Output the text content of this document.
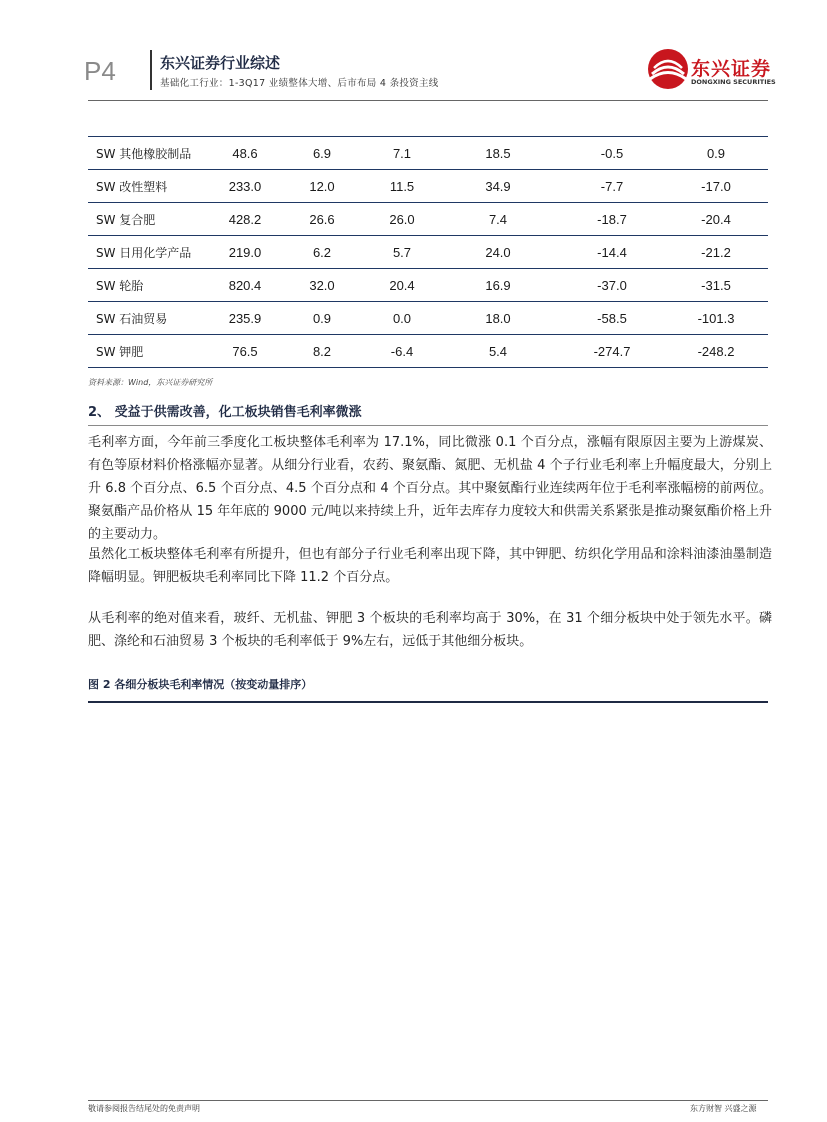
P4	东兴证券行业综述
基础化工行业：1-3Q17 业绩整体大增、后市布局 4 条投资主线
东兴证券
DONGXING SECURITIES
SW 其他橡胶制品	48.6	6.9	7.1	18.5	-0.5	0.9
SW 改性塑料	233.0	12.0	11.5	34.9	-7.7	-17.0
SW 复合肥	428.2	26.6	26.0	7.4	-18.7	-20.4
SW 日用化学产品	219.0	6.2	5.7	24.0	-14.4	-21.2
SW 轮胎	820.4	32.0	20.4	16.9	-37.0	-31.5
SW 石油贸易	235.9	0.9	0.0	18.0	-58.5	-101.3
SW 钾肥	76.5	8.2	-6.4	5.4	-274.7	-248.2
资料来源：Wind，东兴证券研究所
2、 受益于供需改善，化工板块销售毛利率微涨

毛利率方面，今年前三季度化工板块整体毛利率为 17.1%，同比微涨 0.1 个百分点，涨幅有限原因主要为上游煤炭、有色等原材料价格涨幅亦显著。从细分行业看，农药、聚氨酯、氮肥、无机盐 4 个子行业毛利率上升幅度最大，分别上升 6.8 个百分点、6.5 个百分点、4.5 个百分点和 4 个百分点。其中聚氨酯行业连续两年位于毛利率涨幅榜的前两位。聚氨酯产品价格从 15 年年底的 9000 元/吨以来持续上升，近年去库存力度较大和供需关系紧张是推动聚氨酯价格上升的主要动力。

虽然化工板块整体毛利率有所提升，但也有部分子行业毛利率出现下降，其中钾肥、纺织化学用品和涂料油漆油墨制造降幅明显。钾肥板块毛利率同比下降 11.2 个百分点。

从毛利率的绝对值来看，玻纤、无机盐、钾肥 3 个板块的毛利率均高于 30%，在 31 个细分板块中处于领先水平。磷肥、涤纶和石油贸易 3 个板块的毛利率低于 9%左右，远低于其他细分板块。

图 2 各细分板块毛利率情况（按变动量排序）
敬请参阅报告结尾处的免责声明	东方财智 兴盛之源
